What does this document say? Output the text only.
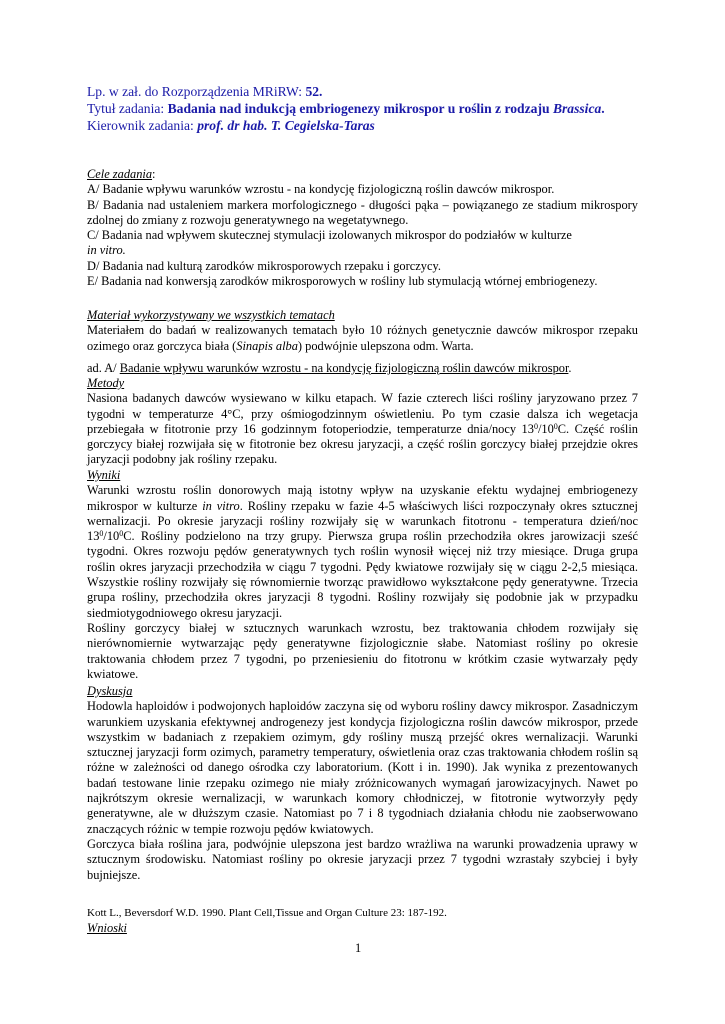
Lp. w zał. do Rozporządzenia MRiRW: 52.
Tytuł zadania: Badania nad indukcją embriogenezy mikrospor u roślin z rodzaju Brassica.
Kierownik zadania: prof. dr hab. T. Cegielska-Taras

Cele zadania:

A/ Badanie wpływu warunków wzrostu - na kondycję fizjologiczną roślin dawców mikrospor.

B/ Badania nad ustaleniem markera morfologicznego - długości pąka – powiązanego ze stadium mikrospory zdolnej do zmiany z rozwoju generatywnego na wegetatywnego.

C/ Badania nad wpływem skutecznej stymulacji izolowanych mikrospor do podziałów w kulturze
in vitro.

D/ Badania nad kulturą zarodków mikrosporowych rzepaku i gorczycy.

E/ Badania nad konwersją zarodków mikrosporowych w rośliny lub stymulacją wtórnej embriogenezy.

Materiał wykorzystywany we wszystkich tematach

Materiałem do badań w realizowanych tematach było 10 różnych genetycznie dawców mikrospor rzepaku ozimego oraz gorczyca biała (Sinapis alba) podwójnie ulepszona odm. Warta.

ad. A/ Badanie wpływu warunków wzrostu - na kondycję fizjologiczną roślin dawców mikrospor.

Metody

Nasiona badanych dawców wysiewano w kilku etapach. W fazie czterech liści rośliny jaryzowano przez 7 tygodni w temperaturze 4°C, przy ośmiogodzinnym oświetleniu. Po tym czasie dalsza ich wegetacja przebiegała w fitotronie przy 16 godzinnym fotoperiodzie, temperaturze dnia/nocy $13^0/10^0C$. Część roślin gorczycy białej rozwijała się w fitotronie bez okresu jaryzacji, a część roślin gorczycy białej przejdzie okres jaryzacji podobny jak rośliny rzepaku.

Wyniki

Warunki wzrostu roślin donorowych mają istotny wpływ na uzyskanie efektu wydajnej embriogenezy mikrospor w kulturze in vitro. Rośliny rzepaku w fazie 4-5 właściwych liści rozpoczynały okres sztucznej wernalizacji. Po okresie jaryzacji rośliny rozwijały się w warunkach fitotronu - temperatura dzień/noc $13^0/10^0C$. Rośliny podzielono na trzy grupy. Pierwsza grupa roślin przechodziła okres jarowizacji sześć tygodni. Okres rozwoju pędów generatywnych tych roślin wynosił więcej niż trzy miesiące. Druga grupa roślin okres jaryzacji przechodziła w ciągu 7 tygodni. Pędy kwiatowe rozwijały się w ciągu 2-2,5 miesiąca. Wszystkie rośliny rozwijały się równomiernie tworząc prawidłowo wykształcone pędy generatywne. Trzecia grupa rośliny, przechodziła okres jaryzacji 8 tygodni. Rośliny rozwijały się podobnie jak w przypadku siedmiotygodniowego okresu jaryzacji.

Rośliny gorczycy białej w sztucznych warunkach wzrostu, bez traktowania chłodem rozwijały się nierównomiernie wytwarzając pędy generatywne fizjologicznie słabe. Natomiast rośliny po okresie traktowania chłodem przez 7 tygodni, po przeniesieniu do fitotronu w krótkim czasie wytwarzały pędy kwiatowe.

Dyskusja

Hodowla haploidów i podwojonych haploidów zaczyna się od wyboru rośliny dawcy mikrospor. Zasadniczym warunkiem uzyskania efektywnej androgenezy jest kondycja fizjologiczna roślin dawców mikrospor, przede wszystkim w badaniach z rzepakiem ozimym, gdy rośliny muszą przejść okres wernalizacji. Warunki sztucznej jaryzacji form ozimych, parametry temperatury, oświetlenia oraz czas traktowania chłodem roślin są różne w zależności od danego ośrodka czy laboratorium. (Kott i in. 1990). Jak wynika z prezentowanych badań testowane linie rzepaku ozimego nie miały zróżnicowanych wymagań jarowizacyjnych. Nawet po najkrótszym okresie wernalizacji, w warunkach komory chłodniczej, w fitotronie wytworzyły pędy generatywne, ale w dłuższym czasie. Natomiast po 7 i 8 tygodniach działania chłodu nie zaobserwowano znaczących różnic w tempie rozwoju pędów kwiatowych.

Gorczyca biała roślina jara, podwójnie ulepszona jest bardzo wrażliwa na warunki prowadzenia uprawy w sztucznym środowisku. Natomiast rośliny po okresie jaryzacji przez 7 tygodni wzrastały szybciej i były bujniejsze.

Kott L., Beversdorf W.D. 1990. Plant Cell,Tissue and Organ Culture 23: 187-192.

Wnioski

1
